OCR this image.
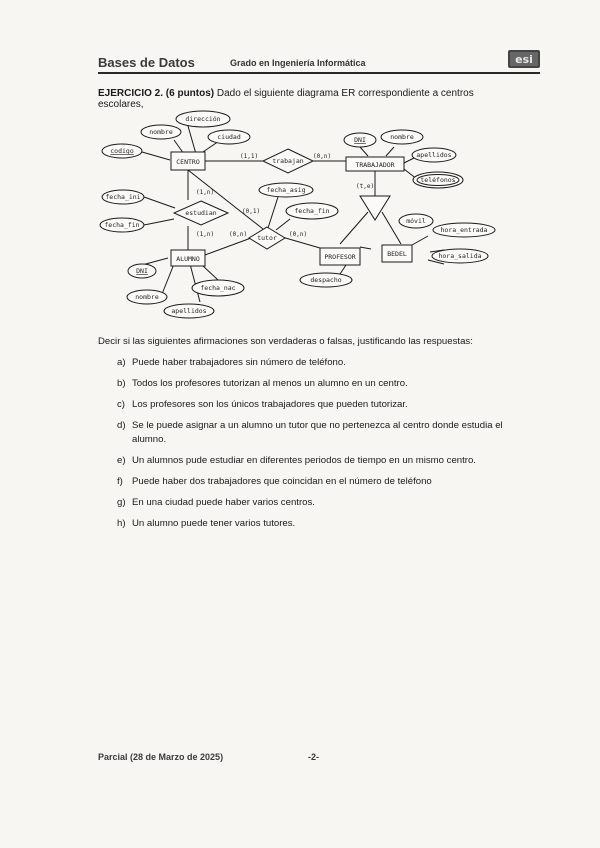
Bases de Datos	Grado en Ingeniería Informática	esi
EJERCICIO 2. (6 puntos) Dado el siguiente diagrama ER correspondiente a centros escolares,
CENTRO	TRABAJADOR
ALUMNO	PROFESOR	BEDEL
trabajan
estudian
tutor
dirección
nombre
ciudad
codigo
DNI	nombre
apellidos
teléfonos
fecha_ini
fecha_fin
fecha_asig
fecha_fin
móvil
hora_entrada
hora_salida
DNI
nombre
apellidos
fecha_nac
despacho
(1,1)	(0,n)
(1,n)
(1,n) (0,n)	(0,n)
(0,1)
(t,e)
Decir si las siguientes afirmaciones son verdaderas o falsas, justificando las respuestas:
a) Puede haber trabajadores sin número de teléfono.
b) Todos los profesores tutorizan al menos un alumno en un centro.
c) Los profesores son los únicos trabajadores que pueden tutorizar.
d) Se le puede asignar a un alumno un tutor que no pertenezca al centro donde estudia el alumno.
e) Un alumnos pude estudiar en diferentes periodos de tiempo en un mismo centro.
f) Puede haber dos trabajadores que coincidan en el número de teléfono
g) En una ciudad puede haber varios centros.
h) Un alumno puede tener varios tutores.
Parcial (28 de Marzo de 2025)	-2-
